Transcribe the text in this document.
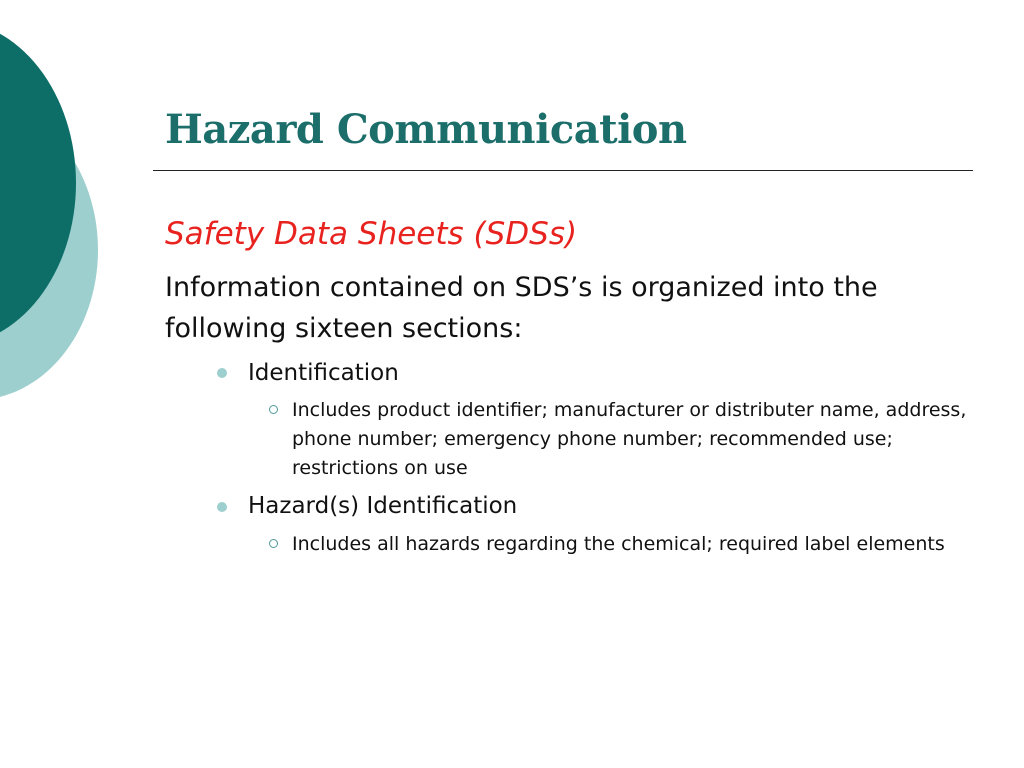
Hazard Communication

Safety Data Sheets (SDSs)

Information contained on SDS’s is organized into the following sixteen sections:

Identification

Includes product identifier; manufacturer or distributer name, address, phone number; emergency phone number; recommended use; restrictions on use

Hazard(s) Identification

Includes all hazards regarding the chemical; required label elements
